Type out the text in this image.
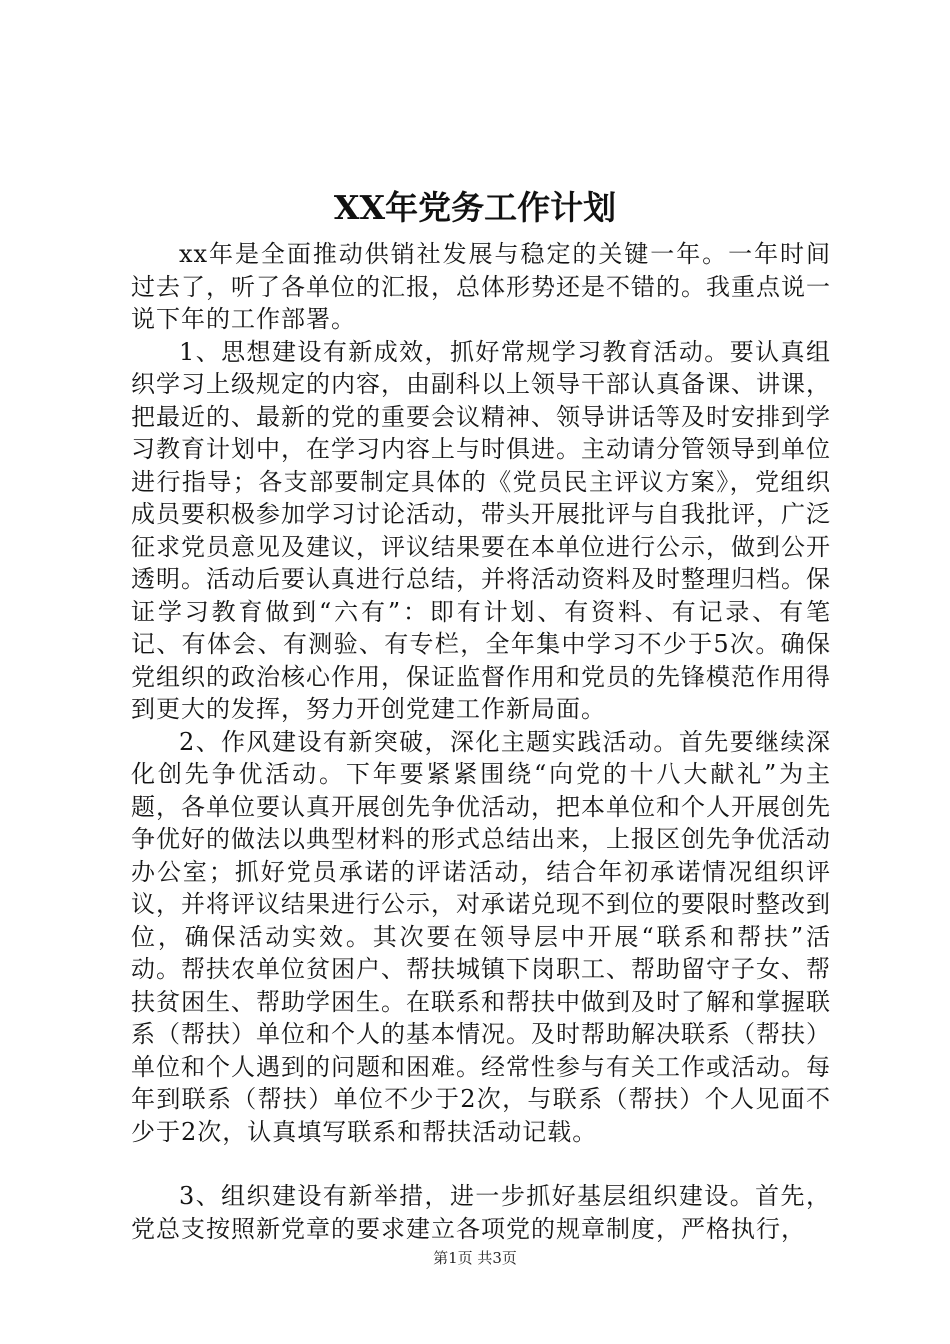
XX年党务工作计划

xx年是全面推动供销社发展与稳定的关键一年。一年时间过去了，听了各单位的汇报，总体形势还是不错的。我重点说一说下年的工作部署。

1、思想建设有新成效，抓好常规学习教育活动。要认真组织学习上级规定的内容，由副科以上领导干部认真备课、讲课，把最近的、最新的党的重要会议精神、领导讲话等及时安排到学习教育计划中，在学习内容上与时俱进。主动请分管领导到单位进行指导；各支部要制定具体的《党员民主评议方案》，党组织成员要积极参加学习讨论活动，带头开展批评与自我批评，广泛征求党员意见及建议，评议结果要在本单位进行公示，做到公开透明。活动后要认真进行总结，并将活动资料及时整理归档。保证学习教育做到“六有”：即有计划、有资料、有记录、有笔记、有体会、有测验、有专栏，全年集中学习不少于5次。确保党组织的政治核心作用，保证监督作用和党员的先锋模范作用得到更大的发挥，努力开创党建工作新局面。

2、作风建设有新突破，深化主题实践活动。首先要继续深化创先争优活动。下年要紧紧围绕“向党的十八大献礼”为主题，各单位要认真开展创先争优活动，把本单位和个人开展创先争优好的做法以典型材料的形式总结出来，上报区创先争优活动办公室；抓好党员承诺的评诺活动，结合年初承诺情况组织评议，并将评议结果进行公示，对承诺兑现不到位的要限时整改到位，确保活动实效。其次要在领导层中开展“联系和帮扶”活动。帮扶农单位贫困户、帮扶城镇下岗职工、帮助留守子女、帮扶贫困生、帮助学困生。在联系和帮扶中做到及时了解和掌握联系（帮扶）单位和个人的基本情况。及时帮助解决联系（帮扶）单位和个人遇到的问题和困难。经常性参与有关工作或活动。每年到联系（帮扶）单位不少于2次，与联系（帮扶）个人见面不少于2次，认真填写联系和帮扶活动记载。

3、组织建设有新举措，进一步抓好基层组织建设。首先，党总支按照新党章的要求建立各项党的规章制度，严格执行，

第1页 共3页
